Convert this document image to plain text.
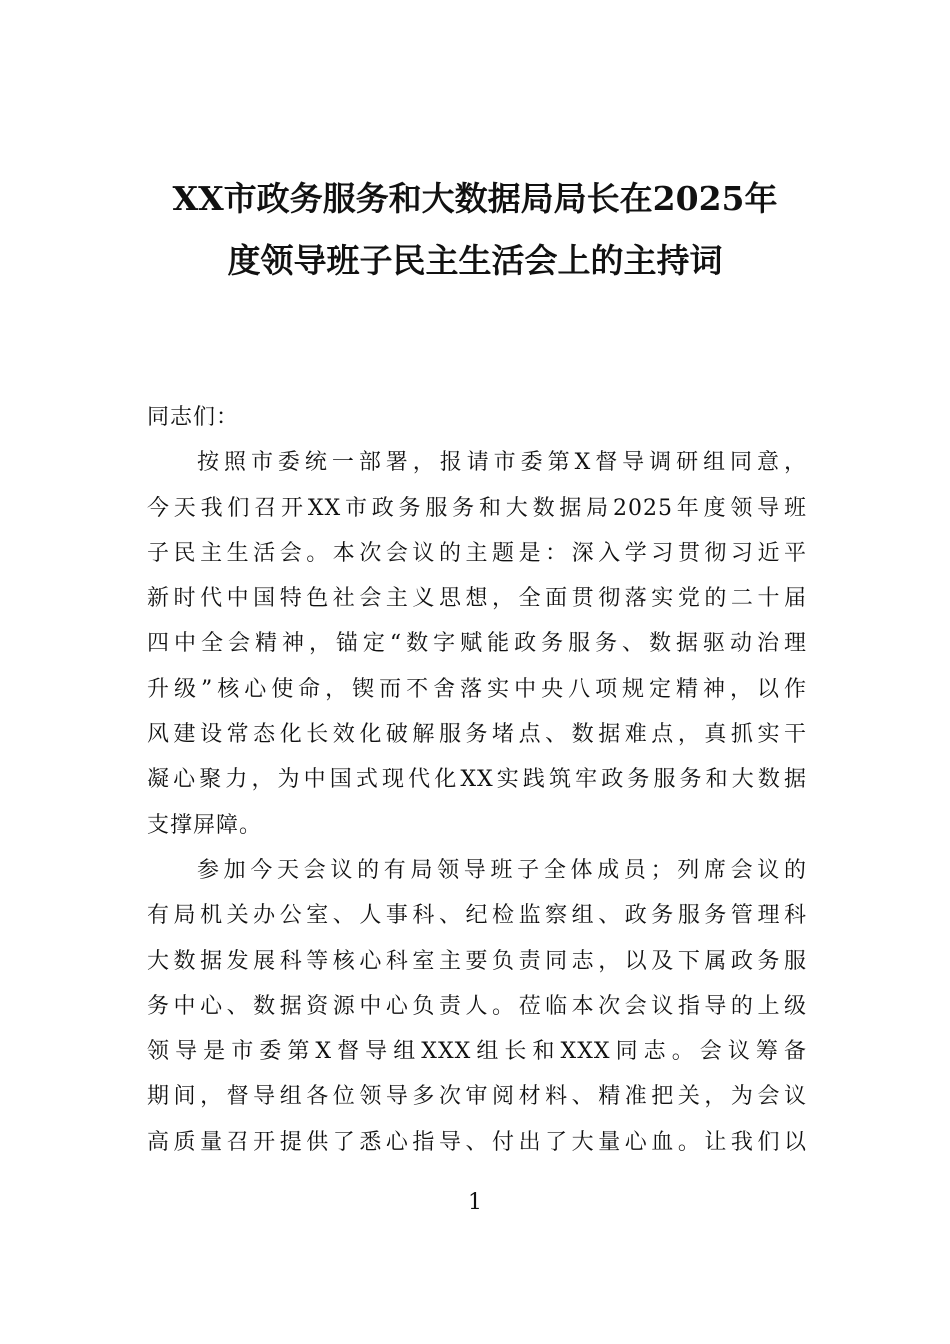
XX市政务服务和大数据局局长在2025年
度领导班子民主生活会上的主持词
同志们：
按照市委统一部署，报请市委第X督导调研组同意，
今天我们召开XX市政务服务和大数据局2025年度领导班
子民主生活会。本次会议的主题是：深入学习贯彻习近平
新时代中国特色社会主义思想，全面贯彻落实党的二十届
四中全会精神，锚定“数字赋能政务服务、数据驱动治理
升级”核心使命，锲而不舍落实中央八项规定精神，以作
风建设常态化长效化破解服务堵点、数据难点，真抓实干
凝心聚力，为中国式现代化XX实践筑牢政务服务和大数据
支撑屏障。
参加今天会议的有局领导班子全体成员；列席会议的
有局机关办公室、人事科、纪检监察组、政务服务管理科
大数据发展科等核心科室主要负责同志，以及下属政务服
务中心、数据资源中心负责人。莅临本次会议指导的上级
领导是市委第X督导组XXX组长和XXX同志。会议筹备
期间，督导组各位领导多次审阅材料、精准把关，为会议
高质量召开提供了悉心指导、付出了大量心血。让我们以
1
